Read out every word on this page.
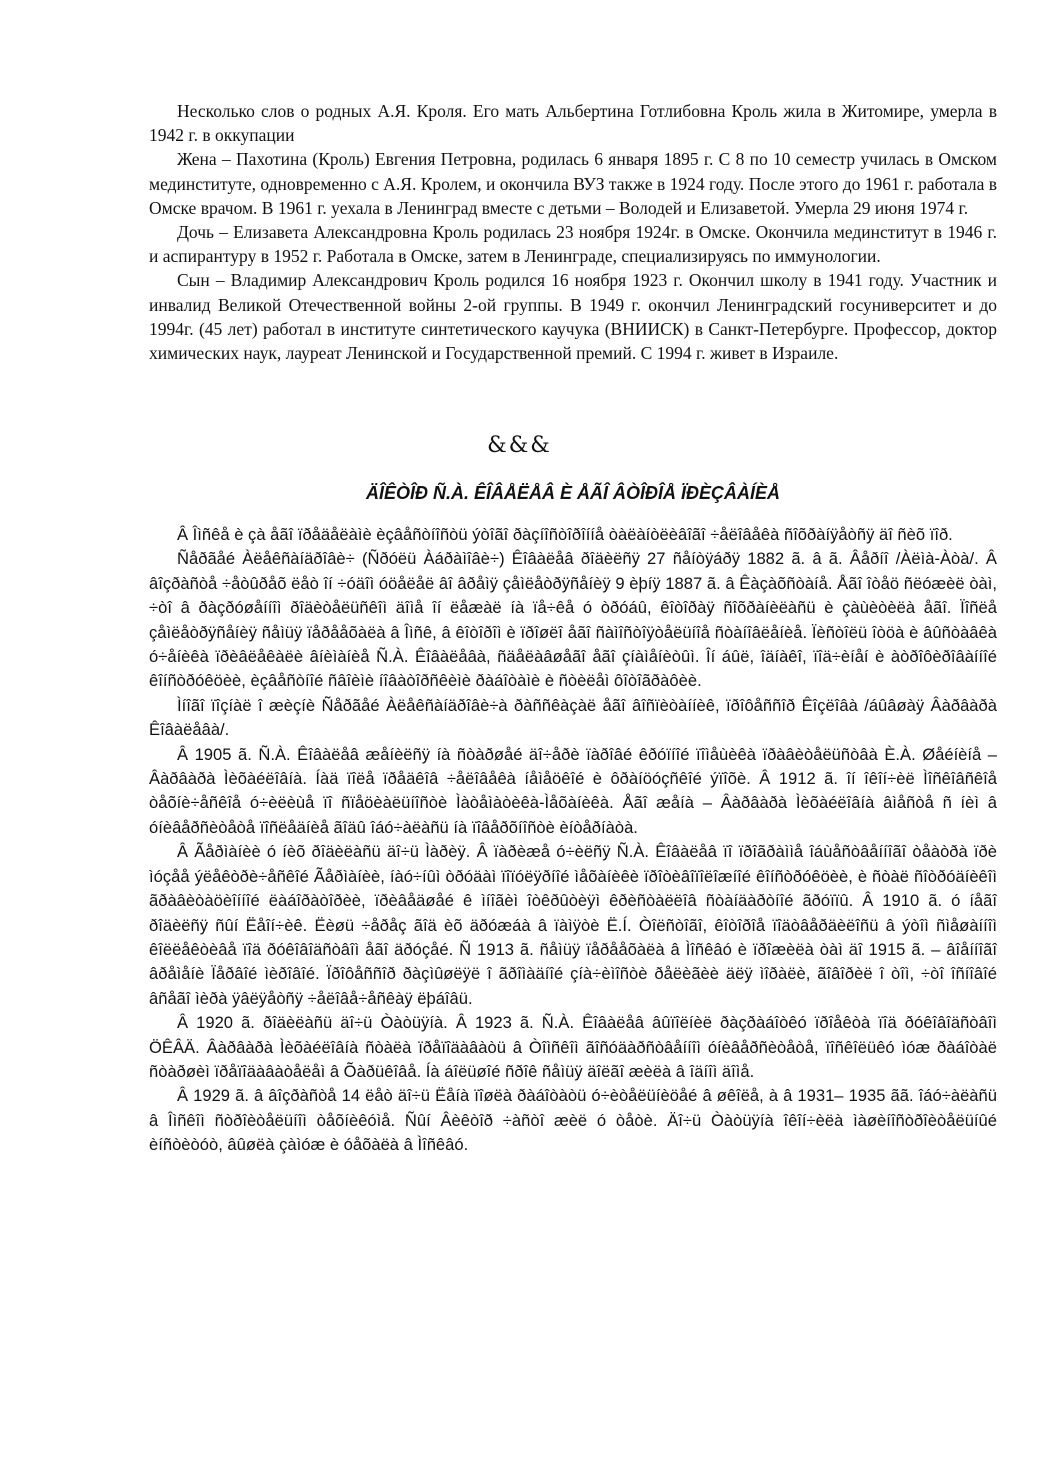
Несколько слов о родных А.Я. Кроля. Его мать Альбертина Готлибовна Кроль жила в Житомире, умерла в 1942 г. в оккупации

Жена – Пахотина (Кроль) Евгения Петровна, родилась 6 января 1895 г. С 8 по 10 семестр училась в Омском мединституте, одновременно с А.Я. Кролем, и окончила ВУЗ также в 1924 году. После этого до 1961 г. работала в Омске врачом. В 1961 г. уехала в Ленинград вместе с детьми – Володей и Елизаветой. Умерла 29 июня 1974 г.

Дочь – Елизавета Александровна Кроль родилась 23 ноября 1924г. в Омске. Окончила мединститут в 1946 г. и аспирантуру в 1952 г. Работала в Омске, затем в Ленинграде, специализируясь по иммунологии.

Сын – Владимир Александрович Кроль родился 16 ноября 1923 г. Окончил школу в 1941 году. Участник и инвалид Великой Отечественной войны 2-ой группы. В 1949 г. окончил Ленинградский госуниверситет и до 1994г. (45 лет) работал в институте синтетического каучука (ВНИИСК) в Санкт-Петербурге. Профессор, доктор химических наук, лауреат Ленинской и Государственной премий. С 1994 г. живет в Израиле.

&&&
ÄÎÊÒÎÐ Ñ.À. ÊÎÂÅËÅÂ È ÅÃÎ ÂÒÎÐÎÅ ÏÐÈÇÂÀÍÈÅ

Â Îìñêå è çà åãî ïðåäåëàìè èçâåñòíîñòü ýòîãî ðàçíîñòîðîííå òàëàíòëèâîãî ÷åëîâåêà ñîõðàíÿåòñÿ äî ñèõ ïîð.

Ñåðãåé Àëåêñàíäðîâè÷ (Ñðóëü Àáðàìîâè÷) Êîâàëåâ ðîäèëñÿ 27 ñåíòÿáðÿ 1882 ã. â ã. Âåðíî /Àëìà-Àòà/. Â âîçðàñòå ÷åòûðåõ ëåò îí ÷óäîì óöåëåë âî âðåìÿ çåìëåòðÿñåíèÿ 9 èþíÿ 1887 ã. â Êàçàõñòàíå. Åãî îòåö ñëóæèë òàì, ÷òî â ðàçðóøåííîì ðîäèòåëüñêîì äîìå îí ëåæàë íà ïå÷êå ó òðóáû, êîòîðàÿ ñîõðàíèëàñü è çàùèòèëà åãî. Ïîñëå çåìëåòðÿñåíèÿ ñåìüÿ ïåðååõàëà â Îìñê, â êîòîðîì è ïðîøëî åãî ñàìîñòîÿòåëüíîå ñòàíîâëåíèå. Ïèñòîëü îòöà è âûñòàâêà ó÷åíèêà ïðèâëåêàëè âíèìàíèå Ñ.À. Êîâàëåâà, ñäåëàâøåãî åãî çíàìåíèòûì. Îí áûë, îäíàêî, ïîä÷èíåí è àòðîôèðîâàííîé êîíñòðóêöèè, èçâåñòíîé ñâîèìè íîâàòîðñêèìè ðàáîòàìè è ñòèëåì ôîòîãðàôèè.

Ìíîãî ïîçíàë î æèçíè Ñåðãåé Àëåêñàíäðîâè÷à ðàññêàçàë åãî âîñïèòàííèê, ïðîôåññîð Êîçëîâà /áûâøàÿ Âàðâàðà Êîâàëåâà/.

Â 1905 ã. Ñ.À. Êîâàëåâ æåíèëñÿ íà ñòàðøåé äî÷åðè ïàðîâé êðóïíîé ïîìåùèêà ïðàâèòåëüñòâà È.À. Øåéíèíå – Âàðâàðà Ìèõàéëîâíà. Íàä ïîëå ïðåäêîâ ÷åëîâåêà íåìåöêîé è ôðàíöóçñêîé ýïîõè. Â 1912 ã. îí îêîí÷èë Ìîñêîâñêîå òåõíè÷åñêîå ó÷èëèùå ïî ñïåöèàëüíîñòè Ìàòåìàòèêà-Ìåõàíèêà. Åãî æåíà – Âàðâàðà Ìèõàéëîâíà âìåñòå ñ íèì â óíèâåðñèòåòå ïîñëåäíèå ãîäû îáó÷àëàñü íà ïîâåðõíîñòè èíòåðíàòà.

Â Ãåðìàíèè ó íèõ ðîäèëàñü äî÷ü Ìàðèÿ. Â ïàðèæå ó÷èëñÿ Ñ.À. Êîâàëåâ ïî ïðîãðàììå îáùåñòâåííîãî òåàòðà ïðè ìóçåå ýëåêòðè÷åñêîé Ãåðìàíèè, íàó÷íûì òðóäàì ïîïóëÿðíîé ìåõàíèêè ïðîòèâîïîëîæíîé êîíñòðóêöèè, è ñòàë ñîòðóäíèêîì ãðàâèòàöèîííîé ëàáîðàòîðèè, ïðèâåäøåé ê ìíîãèì îòêðûòèÿì êðèñòàëëîâ ñòàíäàðòíîé ãðóïïû. Â 1910 ã. ó íåãî ðîäèëñÿ ñûí Ëåîí÷èê. Ëèøü ÷åðåç ãîä èõ äðóæáà â ïàìÿòè Ë.Í. Òîëñòîãî, êîòîðîå ïîäòâåðäèëîñü â ýòîì ñìåøàííîì êîëëåêòèâå ïîä ðóêîâîäñòâîì åãî äðóçåé. Ñ 1913 ã. ñåìüÿ ïåðååõàëà â Ìîñêâó è ïðîæèëà òàì äî 1915 ã. – âîåííîãî âðåìåíè Ïåðâîé ìèðîâîé. Ïðîôåññîð ðàçìûøëÿë î ãðîìàäíîé çíà÷èìîñòè ðåëèãèè äëÿ ìîðàëè, ãîâîðèë î òîì, ÷òî îñíîâîé âñåãî ìèðà ÿâëÿåòñÿ ÷åëîâå÷åñêàÿ ëþáîâü.

Â 1920 ã. ðîäèëàñü äî÷ü Òàòüÿíà. Â 1923 ã. Ñ.À. Êîâàëåâ âûïîëíèë ðàçðàáîòêó ïðîåêòà ïîä ðóêîâîäñòâîì ÖÊÂÄ. Âàðâàðà Ìèõàéëîâíà ñòàëà ïðåïîäàâàòü â Òîìñêîì ãîñóäàðñòâåííîì óíèâåðñèòåòå, ïîñêîëüêó ìóæ ðàáîòàë ñòàðøèì ïðåïîäàâàòåëåì â Õàðüêîâå. Íà áîëüøîé ñðîê ñåìüÿ äîëãî æèëà â îäíîì äîìå.

Â 1929 ã. â âîçðàñòå 14 ëåò äî÷ü Ëåíà ïîøëà ðàáîòàòü ó÷èòåëüíèöåé â øêîëå, à â 1931– 1935 ãã. îáó÷àëàñü â Îìñêîì ñòðîèòåëüíîì òåõíèêóìå. Ñûí Âèêòîð ÷àñòî æèë ó òåòè. Äî÷ü Òàòüÿíà îêîí÷èëà ìàøèíîñòðîèòåëüíûé èíñòèòóò, âûøëà çàìóæ è óåõàëà â Ìîñêâó.
